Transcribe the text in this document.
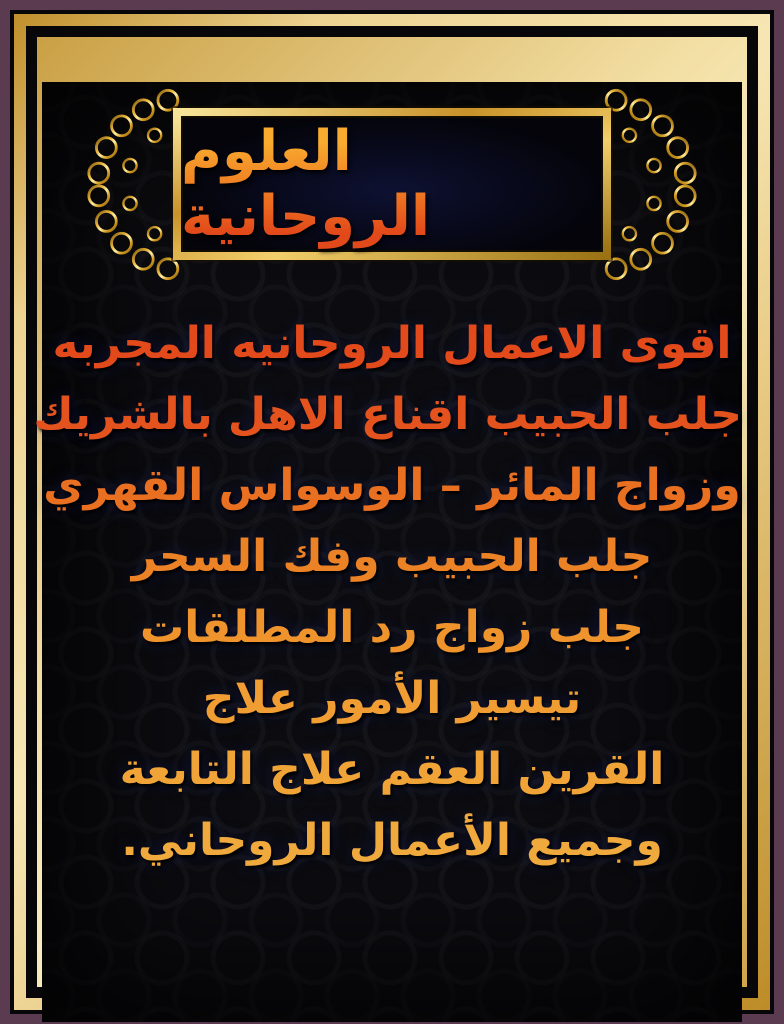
العلوم الروحانية
اقوى الاعمال الروحانيه المجربه
جلب الحبيب اقناع الاهل بالشريك
وزواج المائر – الوسواس القهري
جلب الحبيب وفك السحر
جلب زواج رد المطلقات
تيسير الأمور علاج
القرين العقم علاج التابعة
وجميع الأعمال الروحاني.
